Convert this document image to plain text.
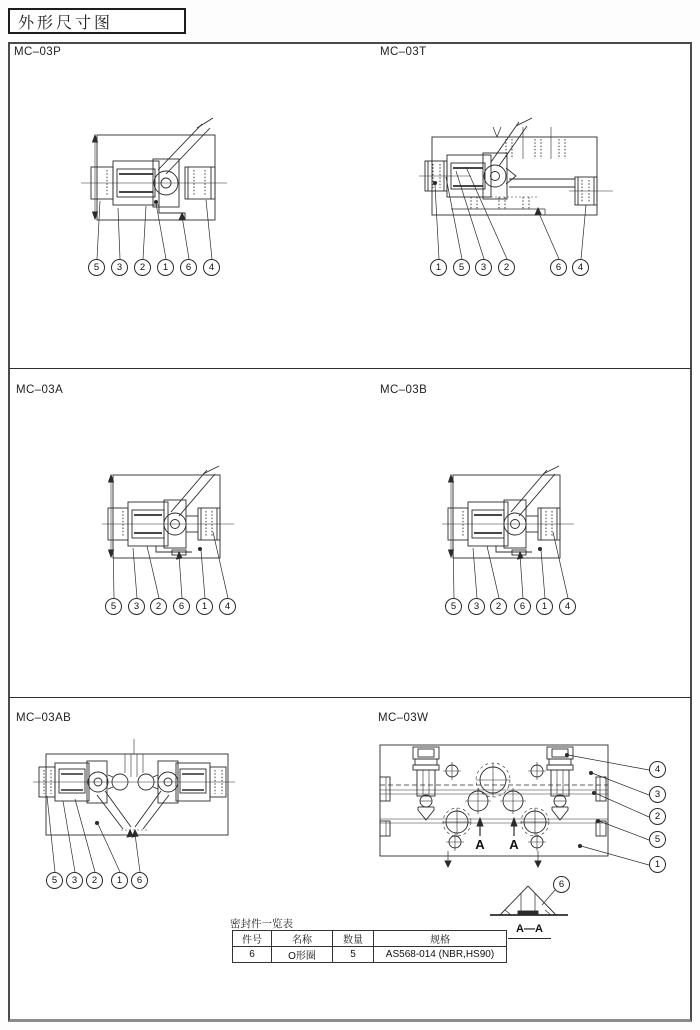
外形尺寸图
MC–03P	MC–03T
MC–03A	MC–03B
MC–03AB	MC–03W
5	3	2	1	6	4	1	5	3	2	6	4
5	3	2	6	1	4	5	3	2	6	1	4
5	3	2	1	6
4
3
2
5
1
6
A A
A—A
密封件一览表
件号	名称	数量	规格
6	O形圈	5	AS568-014 (NBR,HS90)
